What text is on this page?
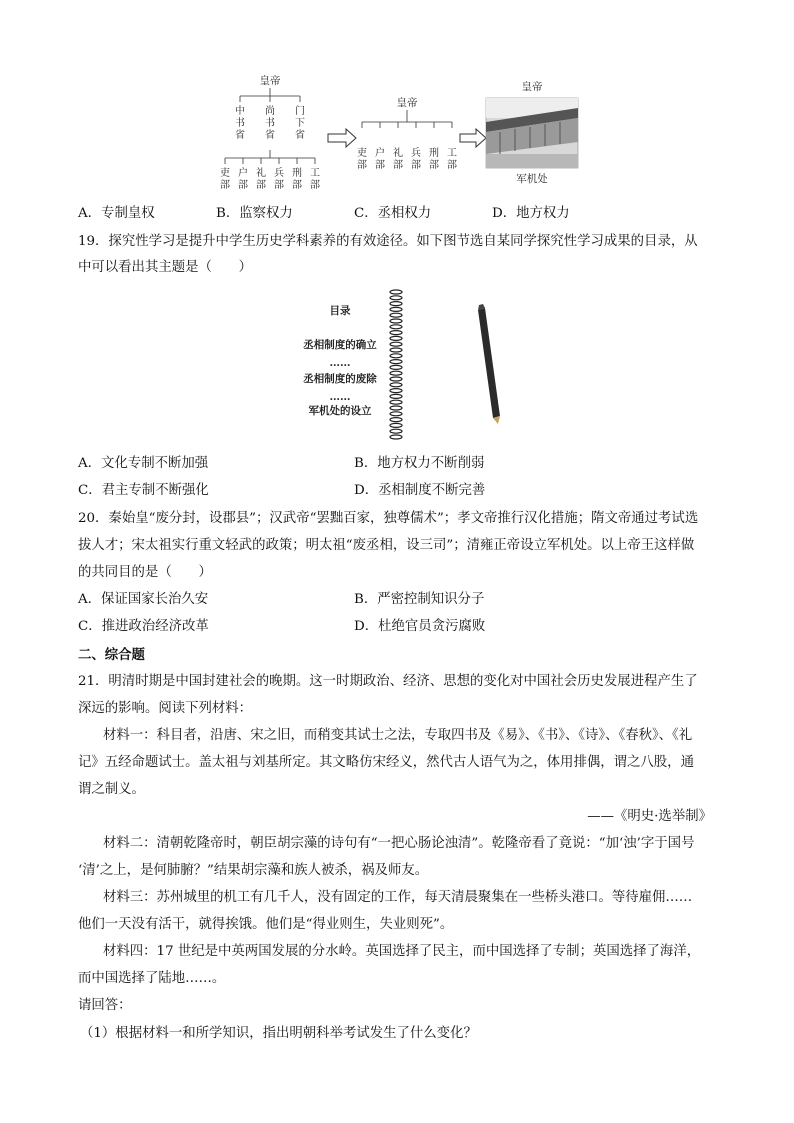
皇帝
中书省
尚书省
门下省
吏部
户部
礼部
兵部
刑部
工部
皇帝
吏部
户部
礼部
兵部
刑部
工部
皇帝
军机处
A．专制皇权	B．监察权力	C．丞相权力	D．地方权力
19．探究性学习是提升中学生历史学科素养的有效途径。如下图节选自某同学探究性学习成果的目录，从
中可以看出其主题是（　　）
目录
丞相制度的确立
……
丞相制度的废除
……
军机处的设立
A．文化专制不断加强	B．地方权力不断削弱
C．君主专制不断强化	D．丞相制度不断完善
20．秦始皇“废分封，设郡县”；汉武帝“罢黜百家，独尊儒术”；孝文帝推行汉化措施；隋文帝通过考试选
拔人才；宋太祖实行重文轻武的政策；明太祖“废丞相，设三司”；清雍正帝设立军机处。以上帝王这样做
的共同目的是（　　）
A．保证国家长治久安	B．严密控制知识分子
C．推进政治经济改革	D．杜绝官员贪污腐败
二、综合题
21．明清时期是中国封建社会的晚期。这一时期政治、经济、思想的变化对中国社会历史发展进程产生了
深远的影响。阅读下列材料：
材料一：科目者，沿唐、宋之旧，而稍变其试士之法，专取四书及《易》、《书》、《诗》、《春秋》、《礼
记》五经命题试士。盖太祖与刘基所定。其文略仿宋经义，然代古人语气为之，体用排偶，谓之八股，通
谓之制义。
——《明史·选举制》
材料二：清朝乾隆帝时，朝臣胡宗藻的诗句有“一把心肠论浊清”。乾隆帝看了竟说：“加‘浊’字于国号
‘清’之上，是何肺腑？”结果胡宗藻和族人被杀，祸及师友。
材料三：苏州城里的机工有几千人，没有固定的工作，每天清晨聚集在一些桥头港口。等待雇佣……
他们一天没有活干，就得挨饿。他们是“得业则生，失业则死”。
材料四：17 世纪是中英两国发展的分水岭。英国选择了民主，而中国选择了专制；英国选择了海洋，
而中国选择了陆地……。
请回答：
（1）根据材料一和所学知识，指出明朝科举考试发生了什么变化？
